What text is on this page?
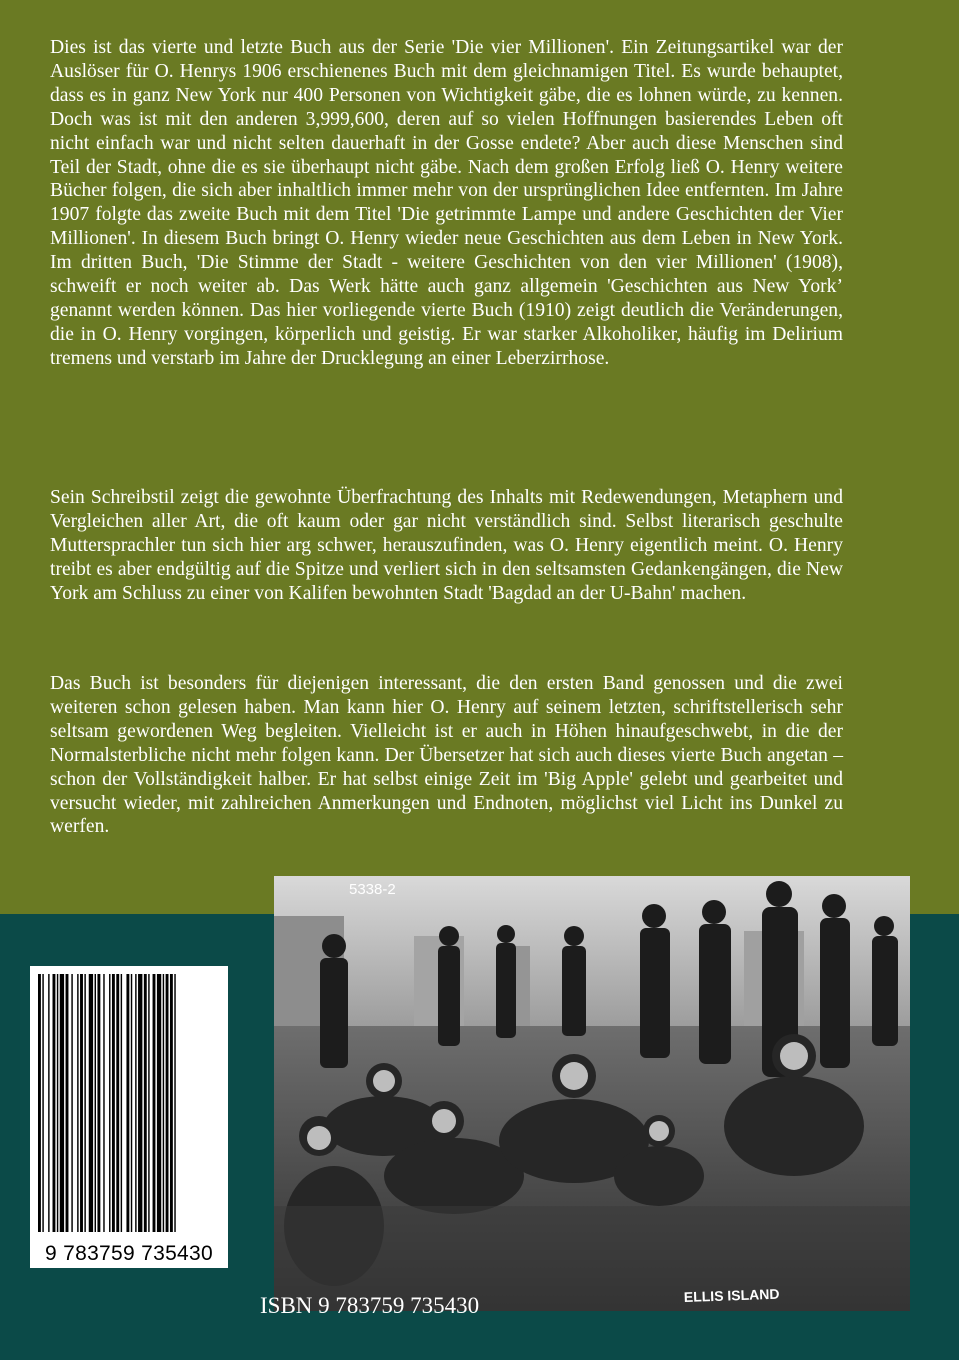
Dies ist das vierte und letzte Buch aus der Serie 'Die vier Millionen'. Ein Zeitungsartikel war der Auslöser für O. Henrys 1906 erschienenes Buch mit dem gleichnamigen Titel. Es wurde behauptet, dass es in ganz New York nur 400 Personen von Wichtigkeit gäbe, die es lohnen würde, zu kennen. Doch was ist mit den anderen 3,999,600, deren auf so vielen Hoffnungen basierendes Leben oft nicht einfach war und nicht selten dauerhaft in der Gosse endete? Aber auch diese Menschen sind Teil der Stadt, ohne die es sie überhaupt nicht gäbe. Nach dem großen Erfolg ließ O. Henry weitere Bücher folgen, die sich aber inhaltlich immer mehr von der ursprünglichen Idee entfernten. Im Jahre 1907 folgte das zweite Buch mit dem Titel 'Die getrimmte Lampe und andere Geschichten der Vier Millionen'. In diesem Buch bringt O. Henry wieder neue Geschichten aus dem Leben in New York. Im dritten Buch, 'Die Stimme der Stadt - weitere Geschichten von den vier Millionen' (1908), schweift er noch weiter ab. Das Werk hätte auch ganz allgemein 'Geschichten aus New York’ genannt werden können. Das hier vorliegende vierte Buch (1910) zeigt deutlich die Veränderungen, die in O. Henry vorgingen, körperlich und geistig. Er war starker Alkoholiker, häufig im Delirium tremens und verstarb im Jahre der Drucklegung an einer Leberzirrhose.

Sein Schreibstil zeigt die gewohnte Überfrachtung des Inhalts mit Redewendungen, Metaphern und Vergleichen aller Art, die oft kaum oder gar nicht verständlich sind. Selbst literarisch geschulte Muttersprachler tun sich hier arg schwer, herauszufinden, was O. Henry eigentlich meint. O. Henry treibt es aber endgültig auf die Spitze und verliert sich in den seltsamsten Gedankengängen, die New York am Schluss zu einer von Kalifen bewohnten Stadt 'Bagdad an der U-Bahn' machen.

Das Buch ist besonders für diejenigen interessant, die den ersten Band genossen und die zwei weiteren schon gelesen haben. Man kann hier O. Henry auf seinem letzten, schriftstellerisch sehr seltsam gewordenen Weg begleiten. Vielleicht ist er auch in Höhen hinaufgeschwebt, in die der Normalsterbliche nicht mehr folgen kann. Der Übersetzer hat sich auch dieses vierte Buch angetan – schon der Vollständigkeit halber. Er hat selbst einige Zeit im 'Big Apple' gelebt und gearbeitet und versucht wieder, mit zahlreichen Anmerkungen und Endnoten, möglichst viel Licht ins Dunkel zu werfen.

5338-2
ELLIS ISLAND
9 783759 735430
ISBN 9 783759 735430
